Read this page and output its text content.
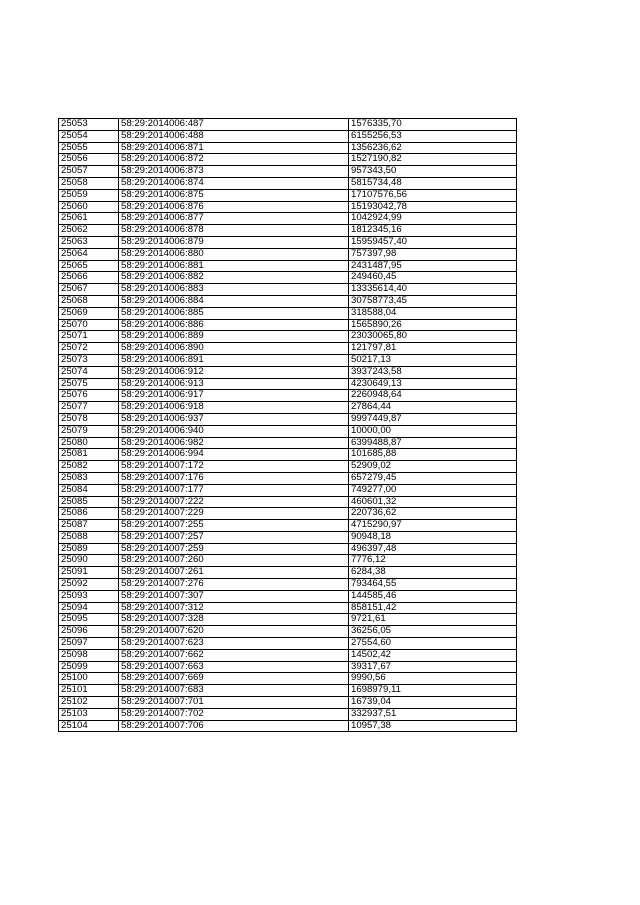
25053	58:29:2014006:487	1576335,70
25054	58:29:2014006:488	6155256,53
25055	58:29:2014006:871	1356236,62
25056	58:29:2014006:872	1527190,82
25057	58:29:2014006:873	957343,50
25058	58:29:2014006:874	5815734,48
25059	58:29:2014006:875	17107576,56
25060	58:29:2014006:876	15193042,78
25061	58:29:2014006:877	1042924,99
25062	58:29:2014006:878	1812345,16
25063	58:29:2014006:879	15959457,40
25064	58:29:2014006:880	757397,98
25065	58:29:2014006:881	2431487,95
25066	58:29:2014006:882	249460,45
25067	58:29:2014006:883	13335614,40
25068	58:29:2014006:884	30758773,45
25069	58:29:2014006:885	318588,04
25070	58:29:2014006:886	1565890,26
25071	58:29:2014006:889	23030065,80
25072	58:29:2014006:890	121797,81
25073	58:29:2014006:891	50217,13
25074	58:29:2014006:912	3937243,58
25075	58:29:2014006:913	4230649,13
25076	58:29:2014006:917	2260948,64
25077	58:29:2014006:918	27864,44
25078	58:29:2014006:937	9997449,87
25079	58:29:2014006:940	10000,00
25080	58:29:2014006:982	6399488,87
25081	58:29:2014006:994	101685,88
25082	58:29:2014007:172	52909,02
25083	58:29:2014007:176	657279,45
25084	58:29:2014007:177	749277,00
25085	58:29:2014007:222	460601,32
25086	58:29:2014007:229	220736,62
25087	58:29:2014007:255	4715290,97
25088	58:29:2014007:257	90948,18
25089	58:29:2014007:259	496397,48
25090	58:29:2014007:260	7776,12
25091	58:29:2014007:261	6284,38
25092	58:29:2014007:276	793464,55
25093	58:29:2014007:307	144585,46
25094	58:29:2014007:312	858151,42
25095	58:29:2014007:328	9721,61
25096	58:29:2014007:620	36256,05
25097	58:29:2014007:623	27554,60
25098	58:29:2014007:662	14502,42
25099	58:29:2014007:663	39317,67
25100	58:29:2014007:669	9990,56
25101	58:29:2014007:683	1698979,11
25102	58:29:2014007:701	16739,04
25103	58:29:2014007:702	332937,51
25104	58:29:2014007:706	10957,38
